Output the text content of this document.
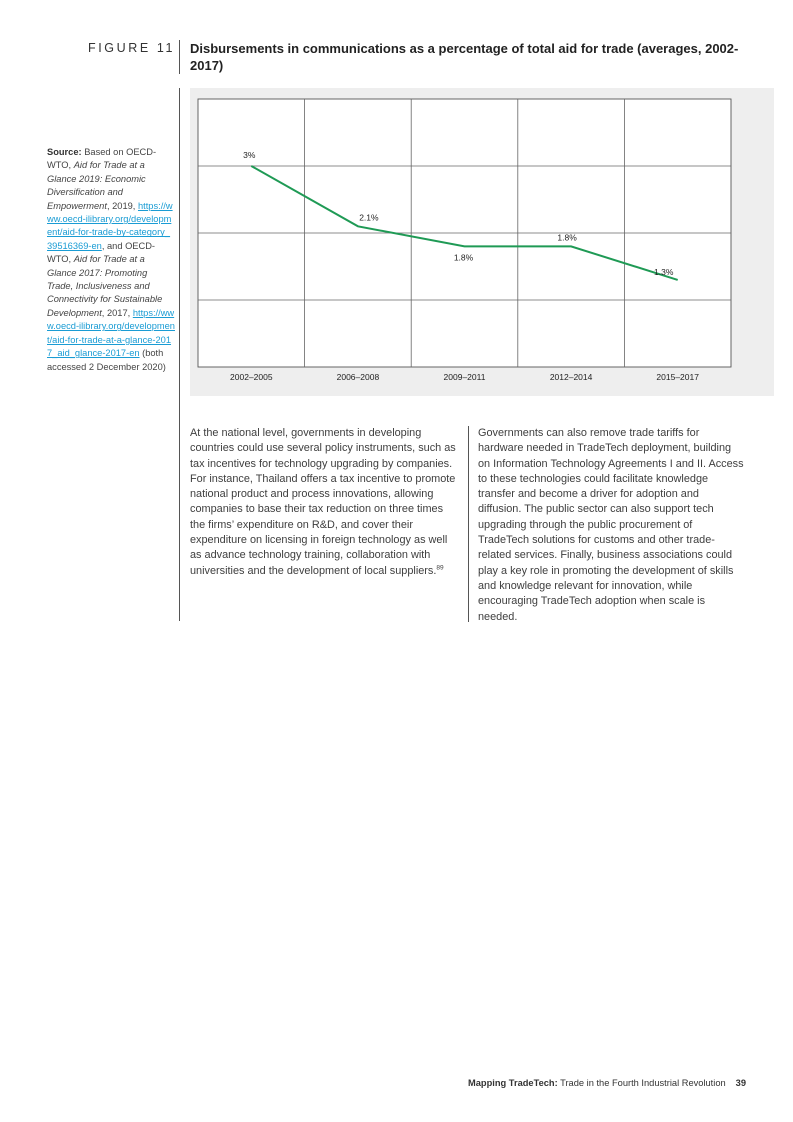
FIGURE 11 Disbursements in communications as a percentage of total aid for trade (averages, 2002-2017)
Source: Based on OECD-WTO, Aid for Trade at a Glance 2019: Economic Diversification and Empowerment, 2019, https://www.oecd-ilibrary.org/development/aid-for-trade-by-category_39516369-en, and OECD-WTO, Aid for Trade at a Glance 2017: Promoting Trade, Inclusiveness and Connectivity for Sustainable Development, 2017, https://www.oecd-ilibrary.org/development/aid-for-trade-at-a-glance-2017_aid_glance-2017-en (both accessed 2 December 2020)
3%
2.1%
1.8%
1.8%
1.3%
2002–2005	2006–2008	2009–2011	2012–2014	2015–2017
At the national level, governments in developing countries could use several policy instruments, such as tax incentives for technology upgrading by companies. For instance, Thailand offers a tax incentive to promote national product and process innovations, allowing companies to base their tax reduction on three times the firms’ expenditure on R&D, and cover their expenditure on licensing in foreign technology as well as advance technology training, collaboration with universities and the development of local suppliers.$^{89}$
Governments can also remove trade tariffs for hardware needed in TradeTech deployment, building on Information Technology Agreements I and II. Access to these technologies could facilitate knowledge transfer and become a driver for adoption and diffusion. The public sector can also support tech upgrading through the public procurement of TradeTech solutions for customs and other trade-related services. Finally, business associations could play a key role in promoting the development of skills and knowledge relevant for innovation, while encouraging TradeTech adoption when scale is needed.
Mapping TradeTech: Trade in the Fourth Industrial Revolution 39
